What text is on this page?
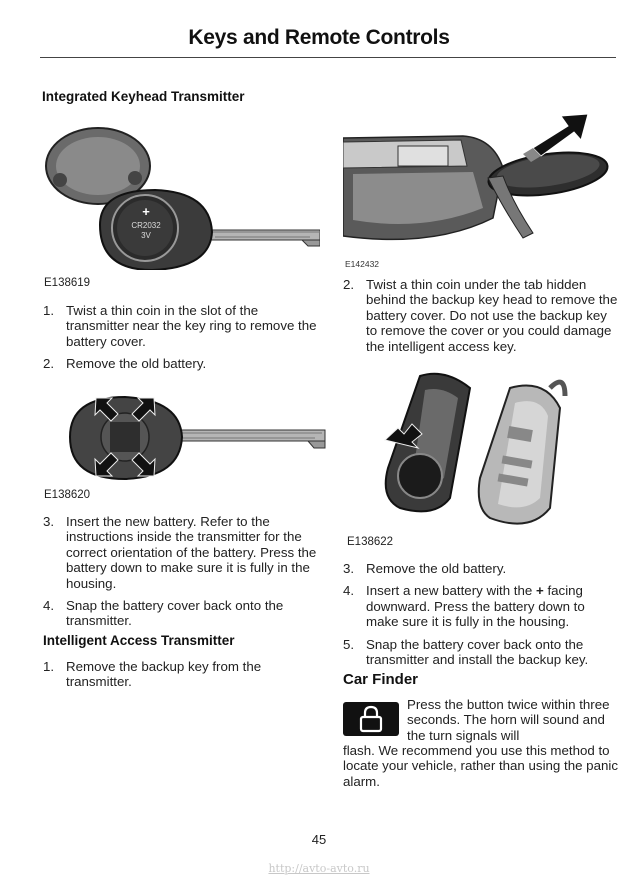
Keys and Remote Controls
Integrated Keyhead Transmitter
+
CR2032
3V
E138619
1. Twist a thin coin in the slot of the transmitter near the key ring to remove the battery cover.
2. Remove the old battery.
E138620
3. Insert the new battery. Refer to the instructions inside the transmitter for the correct orientation of the battery. Press the battery down to make sure it is fully in the housing.
4. Snap the battery cover back onto the transmitter.
Intelligent Access Transmitter
1. Remove the backup key from the transmitter.
E142432
2. Twist a thin coin under the tab hidden behind the backup key head to remove the battery cover. Do not use the backup key to remove the cover or you could damage the intelligent access key.
E138622
3. Remove the old battery.
4. Insert a new battery with the + facing downward. Press the battery down to make sure it is fully in the housing.
5. Snap the battery cover back onto the transmitter and install the backup key.
Car Finder
Press the button twice within three seconds. The horn will sound and the turn signals will
flash. We recommend you use this method to locate your vehicle, rather than using the panic alarm.
45
http://avto-avto.ru
